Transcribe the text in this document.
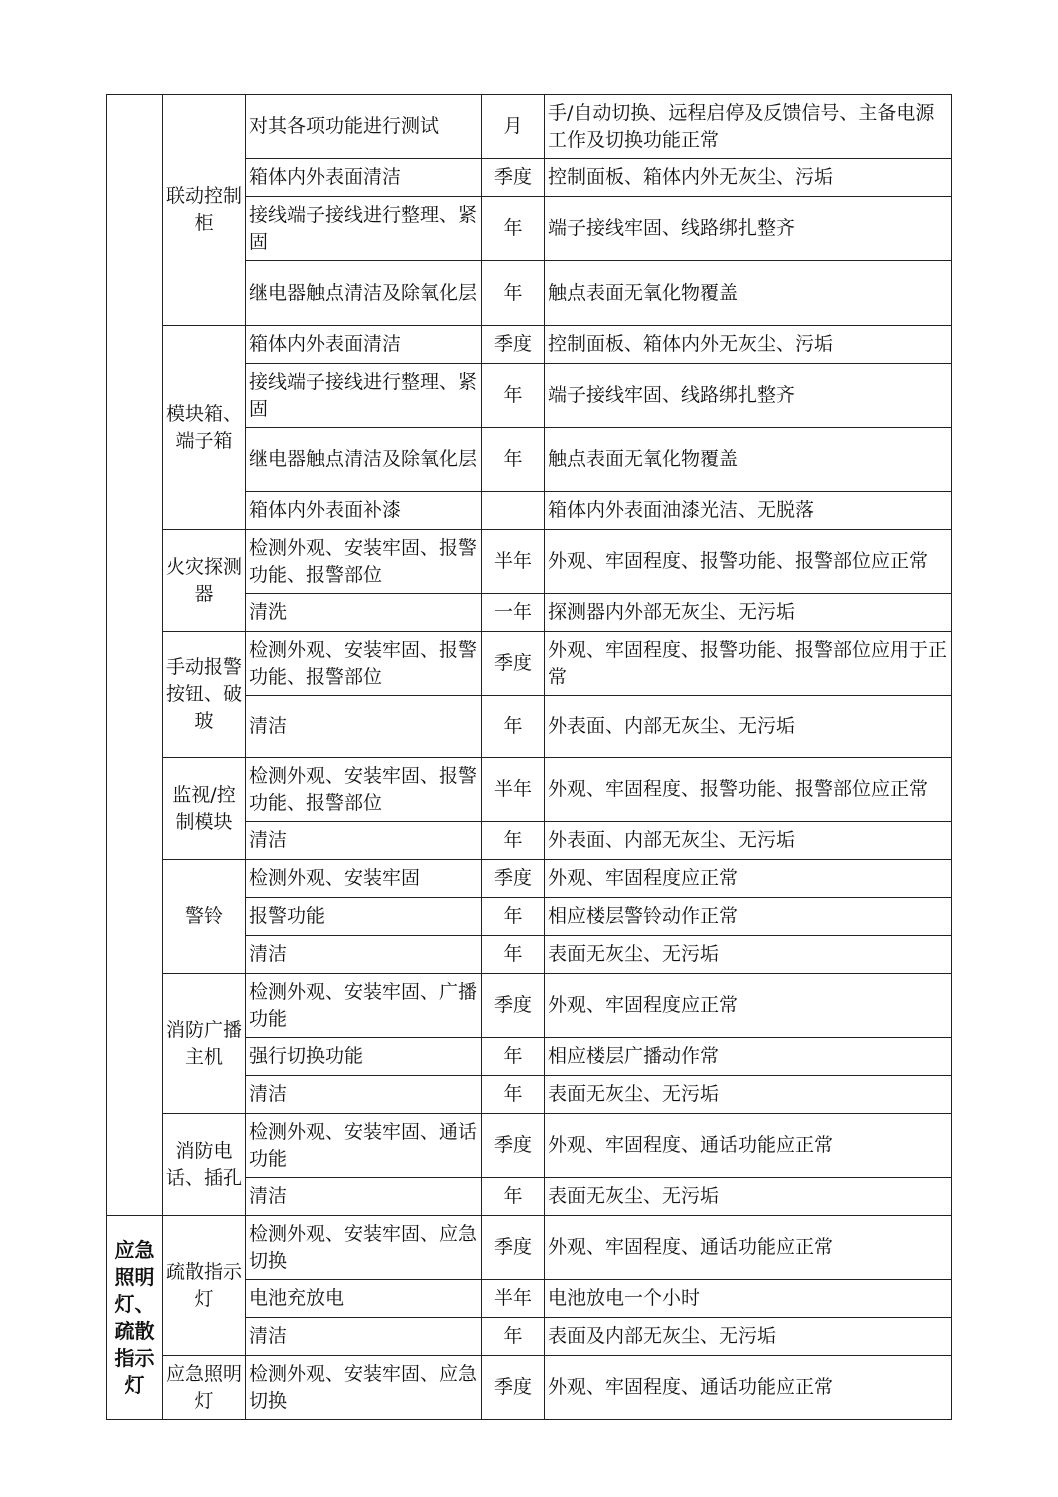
	联动控制柜	对其各项功能进行测试	月	手/自动切换、远程启停及反馈信号、主备电源工作及切换功能正常
		箱体内外表面清洁	季度	控制面板、箱体内外无灰尘、污垢
		接线端子接线进行整理、紧固	年	端子接线牢固、线路绑扎整齐
		继电器触点清洁及除氧化层	年	触点表面无氧化物覆盖
	模块箱、端子箱	箱体内外表面清洁	季度	控制面板、箱体内外无灰尘、污垢
		接线端子接线进行整理、紧固	年	端子接线牢固、线路绑扎整齐
		继电器触点清洁及除氧化层	年	触点表面无氧化物覆盖
		箱体内外表面补漆		箱体内外表面油漆光洁、无脱落
	火灾探测器	检测外观、安装牢固、报警功能、报警部位	半年	外观、牢固程度、报警功能、报警部位应正常
		清洗	一年	探测器内外部无灰尘、无污垢
	手动报警按钮、破玻	检测外观、安装牢固、报警功能、报警部位	季度	外观、牢固程度、报警功能、报警部位应用于正常
		清洁	年	外表面、内部无灰尘、无污垢
	监视/控制模块	检测外观、安装牢固、报警功能、报警部位	半年	外观、牢固程度、报警功能、报警部位应正常
		清洁	年	外表面、内部无灰尘、无污垢
	警铃	检测外观、安装牢固	季度	外观、牢固程度应正常
		报警功能	年	相应楼层警铃动作正常
		清洁	年	表面无灰尘、无污垢
	消防广播主机	检测外观、安装牢固、广播功能	季度	外观、牢固程度应正常
		强行切换功能	年	相应楼层广播动作常
		清洁	年	表面无灰尘、无污垢
	消防电话、插孔	检测外观、安装牢固、通话功能	季度	外观、牢固程度、通话功能应正常
		清洁	年	表面无灰尘、无污垢
应急照明灯、疏散指示灯	疏散指示灯	检测外观、安装牢固、应急切换	季度	外观、牢固程度、通话功能应正常
		电池充放电	半年	电池放电一个小时
		清洁	年	表面及内部无灰尘、无污垢
	应急照明灯	检测外观、安装牢固、应急切换	季度	外观、牢固程度、通话功能应正常
